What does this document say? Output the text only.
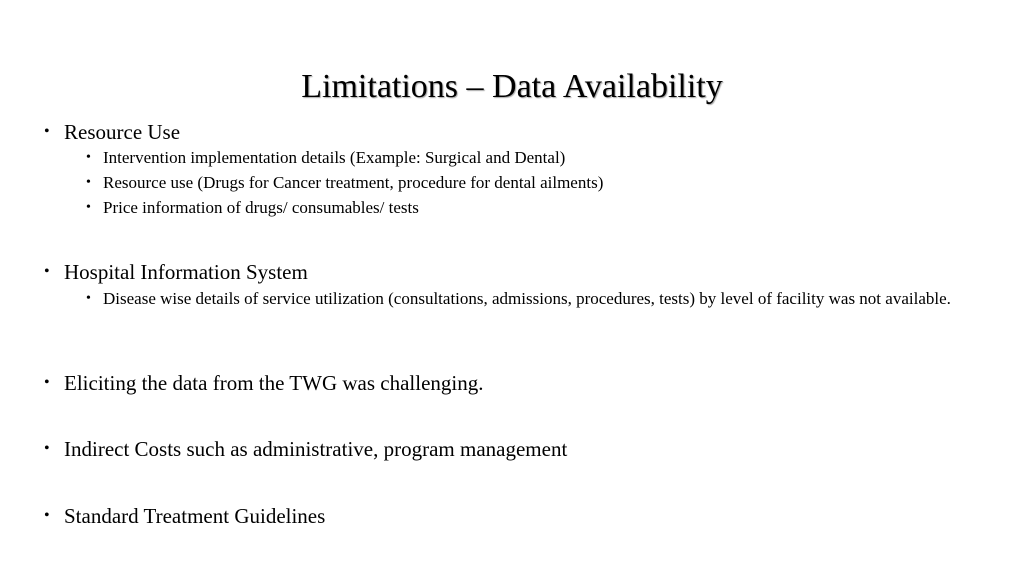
Limitations – Data Availability
• Resource Use
• Intervention implementation details (Example: Surgical and Dental)
• Resource use (Drugs for Cancer treatment, procedure for dental ailments)
• Price information of drugs/ consumables/ tests
• Hospital Information System
• Disease wise details of service utilization (consultations, admissions, procedures, tests) by level of facility was not available.
• Eliciting the data from the TWG was challenging.
• Indirect Costs such as administrative, program management
• Standard Treatment Guidelines
